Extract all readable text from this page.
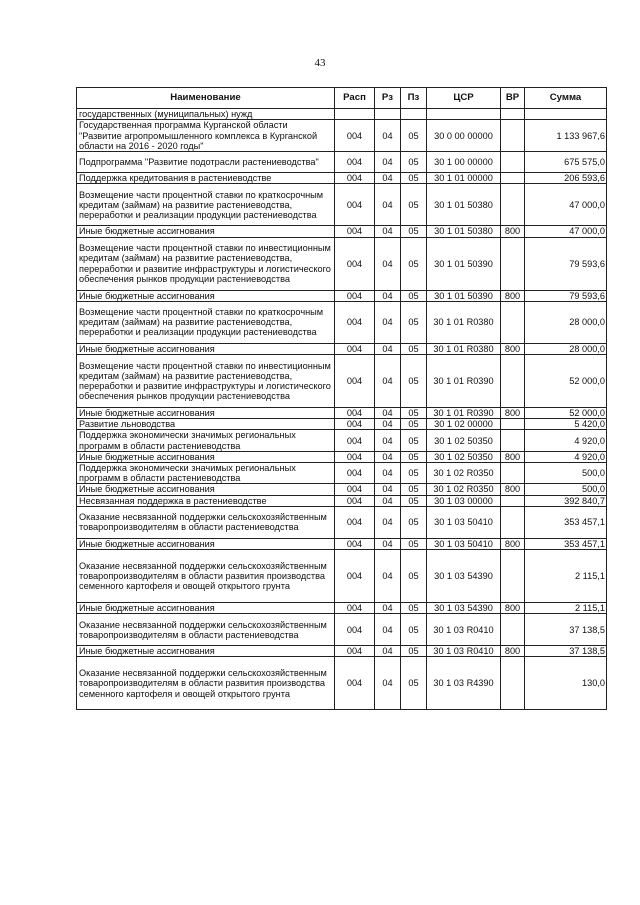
43
Наименование	Расп	Рз	Пз	ЦСР	ВР	Сумма
государственных (муниципальных) нужд						
Государственная программа Курганской области "Развитие агропромышленного комплекса в Курганской области на 2016 - 2020 годы"	004	04	05	30 0 00 00000		1 133 967,6
Подпрограмма "Развитие подотрасли растениеводства"	004	04	05	30 1 00 00000		675 575,0
Поддержка кредитования в растениеводстве	004	04	05	30 1 01 00000		206 593,6
Возмещение части процентной ставки по краткосрочным кредитам (займам) на развитие растениеводства, переработки и реализации продукции растениеводства	004	04	05	30 1 01 50380		47 000,0
Иные бюджетные ассигнования	004	04	05	30 1 01 50380	800	47 000,0
Возмещение части процентной ставки по инвестиционным кредитам (займам) на развитие растениеводства, переработки и развитие инфраструктуры и логистического обеспечения рынков продукции растениеводства	004	04	05	30 1 01 50390		79 593,6
Иные бюджетные ассигнования	004	04	05	30 1 01 50390	800	79 593,6
Возмещение части процентной ставки по краткосрочным кредитам (займам) на развитие растениеводства, переработки и реализации продукции растениеводства	004	04	05	30 1 01 R0380		28 000,0
Иные бюджетные ассигнования	004	04	05	30 1 01 R0380	800	28 000,0
Возмещение части процентной ставки по инвестиционным кредитам (займам) на развитие растениеводства, переработки и развитие инфраструктуры и логистического обеспечения рынков продукции растениеводства	004	04	05	30 1 01 R0390		52 000,0
Иные бюджетные ассигнования	004	04	05	30 1 01 R0390	800	52 000,0
Развитие льноводства	004	04	05	30 1 02 00000		5 420,0
Поддержка экономически значимых региональных программ в области растениеводства	004	04	05	30 1 02 50350		4 920,0
Иные бюджетные ассигнования	004	04	05	30 1 02 50350	800	4 920,0
Поддержка экономически значимых региональных программ в области растениеводства	004	04	05	30 1 02 R0350		500,0
Иные бюджетные ассигнования	004	04	05	30 1 02 R0350	800	500,0
Несвязанная поддержка в растениеводстве	004	04	05	30 1 03 00000		392 840,7
Оказание несвязанной поддержки сельскохозяйственным товаропроизводителям в области растениеводства	004	04	05	30 1 03 50410		353 457,1
Иные бюджетные ассигнования	004	04	05	30 1 03 50410	800	353 457,1
Оказание несвязанной поддержки сельскохозяйственным товаропроизводителям в области развития производства семенного картофеля и овощей открытого грунта	004	04	05	30 1 03 54390		2 115,1
Иные бюджетные ассигнования	004	04	05	30 1 03 54390	800	2 115,1
Оказание несвязанной поддержки сельскохозяйственным товаропроизводителям в области растениеводства	004	04	05	30 1 03 R0410		37 138,5
Иные бюджетные ассигнования	004	04	05	30 1 03 R0410	800	37 138,5
Оказание несвязанной поддержки сельскохозяйственным товаропроизводителям в области развития производства семенного картофеля и овощей открытого грунта	004	04	05	30 1 03 R4390		130,0
